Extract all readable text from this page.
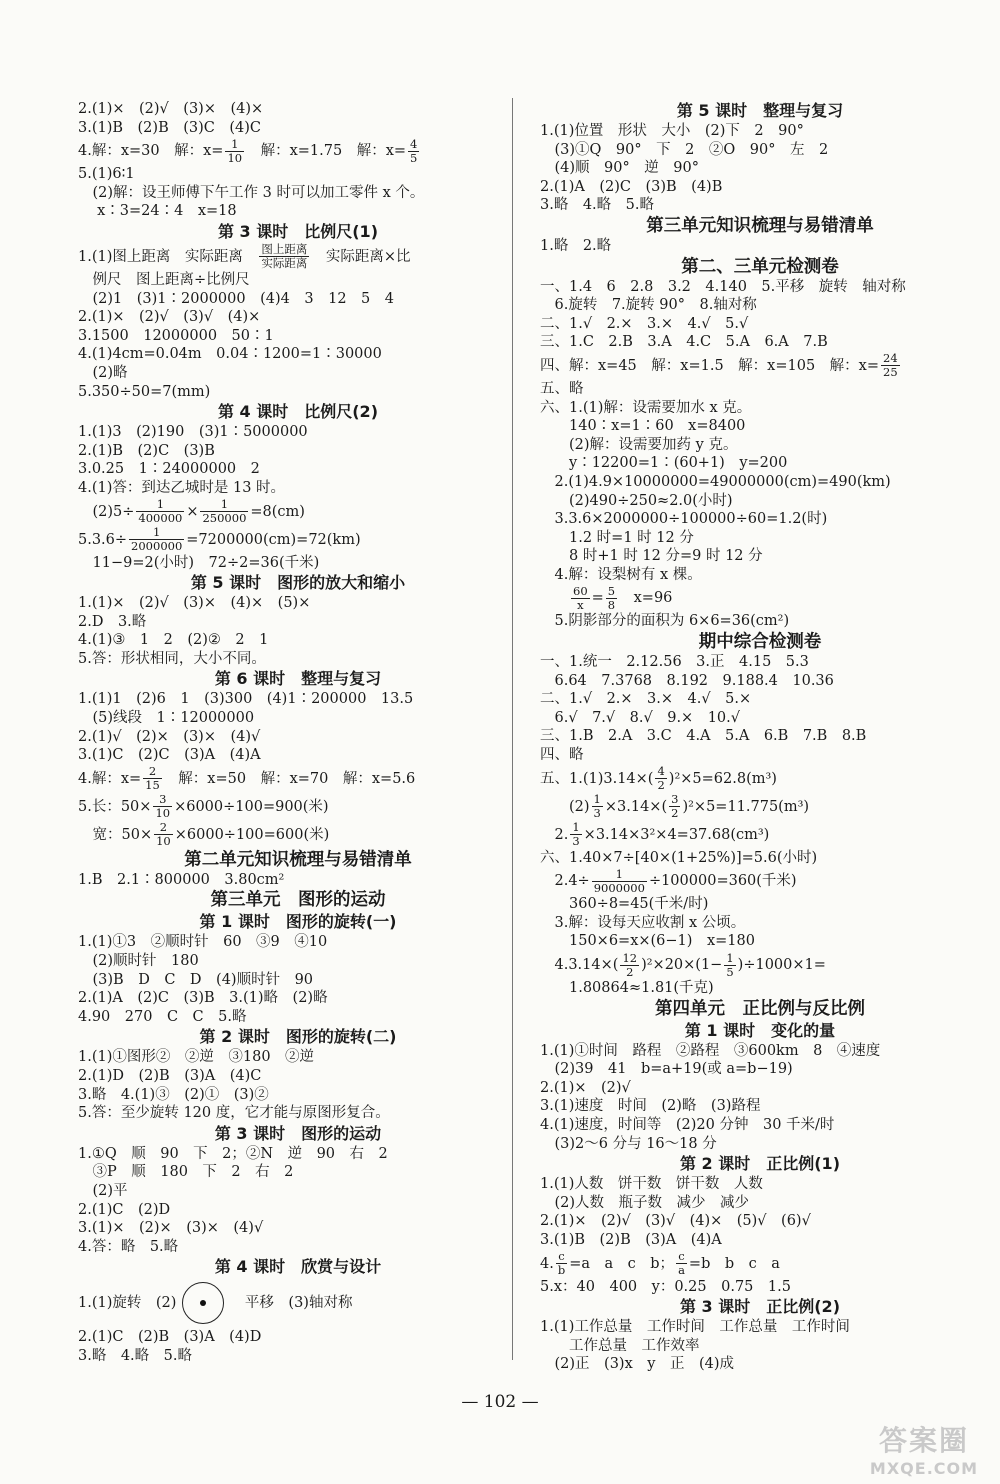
2.(1)×　(2)√　(3)×　(4)×
3.(1)B　(2)B　(3)C　(4)C
4.解：x=30　解：$x= \frac{1}{10}$ 　解：x=1.75　解：$x= \frac{4}{5}$
5.(1)6∶1
　(2)解：设王师傅下午工作 3 时可以加工零件 x 个。
　 x∶3=24∶4　x=18
第 3 课时　比例尺(1)
1.(1)图上距离　实际距离　 图上距离
实际距离 　实际距离×比
　例尺　图上距离÷比例尺
　(2)1　(3)1∶2000000　(4)4　3　12　5　4
2.(1)×　(2)√　(3)√　(4)×
3.1500　12000000　50∶1
4.(1)4cm=0.04m　0.04∶1200=1∶30000
　(2)略
5.350÷50=7(mm)
第 4 课时　比例尺(2)
1.(1)3　(2)190　(3)1∶5000000
2.(1)B　(2)C　(3)B
3.0.25　1∶24000000　2
4.(1)答：到达乙城时是 13 时。
　$(2)5\div \frac{1}{400000} \times \frac{1}{250000} =8(cm)$
$5.3.6\div \frac{1}{2000000} =7200000(cm)=72(km)$
　11−9=2(小时)　72÷2=36(千米)
第 5 课时　图形的放大和缩小
1.(1)×　(2)√　(3)×　(4)×　(5)×
2.D　3.略
4.(1)③　1　2　(2)②　2　1
5.答：形状相同，大小不同。
第 6 课时　整理与复习
1.(1)1　(2)6　1　(3)300　(4)1∶200000　13.5
　(5)线段　1∶12000000
2.(1)√　(2)×　(3)×　(4)√
3.(1)C　(2)C　(3)A　(4)A
4.解：$x= \frac{2}{15}$ 　解：x=50　解：x=70　解：x=5.6
5.长：$50\times \frac{3}{10} \times 6000\div 100=900$(米)
　宽：$50\times \frac{2}{10} \times 6000\div 100=600$(米)
第二单元知识梳理与易错清单
1.B　2.1∶800000　3.80cm²
第三单元　图形的运动
第 1 课时　图形的旋转(一)
1.(1)①3　②顺时针　60　③9　④10
　(2)顺时针　180
　(3)B　D　C　D　(4)顺时针　90
2.(1)A　(2)C　(3)B　3.(1)略　(2)略
4.90　270　C　C　5.略
第 2 课时　图形的旋转(二)
1.(1)①图形②　②逆　③180　②逆
2.(1)D　(2)B　(3)A　(4)C
3.略　4.(1)③　(2)①　(3)②
5.答：至少旋转 120 度，它才能与原图形复合。
第 3 课时　图形的运动
1.①Q　顺　90　下　2；②N　逆　90　右　2
　③P　顺　180　下　2　右　2
　(2)平
2.(1)C　(2)D
3.(1)×　(2)×　(3)×　(4)√
4.答：略　5.略
第 4 课时　欣赏与设计
1.(1)旋转　(2)	　平移　(3)轴对称
2.(1)C　(2)B　(3)A　(4)D
3.略　4.略　5.略
第 5 课时　整理与复习
1.(1)位置　形状　大小　(2)下　2　90°
　(3)①Q　90°　下　2　②O　90°　左　2
　(4)顺　90°　逆　90°
2.(1)A　(2)C　(3)B　(4)B
3.略　4.略　5.略
第三单元知识梳理与易错清单
1.略　2.略
第二、三单元检测卷
一、1.4　6　2.8　3.2　4.140　5.平移　旋转　轴对称
　6.旋转　7.旋转 90°　8.轴对称
二、1.√　2.×　3.×　4.√　5.√
三、1.C　2.B　3.A　4.C　5.A　6.A　7.B
四、解：x=45　解：x=1.5　解：x=105　解：$x= \frac{24}{25}$
五、略
六、1.(1)解：设需要加水 x 克。
　　140∶x=1∶60　x=8400
　　(2)解：设需要加药 y 克。
　　y∶12200=1∶(60+1)　y=200
　2.(1)4.9×10000000=49000000(cm)=490(km)
　　(2)490÷250≈2.0(小时)
　3.3.6×2000000÷100000÷60=1.2(时)
　　1.2 时=1 时 12 分
　　8 时+1 时 12 分=9 时 12 分
　4.解：设梨树有 x 棵。

$\frac{60}{x} = \frac{5}{8}$ 　x=96
　5.阴影部分的面积为 6×6=36(cm²)
期中综合检测卷
一、1.统一　2.12.56　3.正　4.15　5.3
　6.64　7.3768　8.192　9.188.4　10.36
二、1.√　2.×　3.×　4.√　5.×
　6.√　7.√　8.√　9.×　10.√
三、1.B　2.A　3.C　4.A　5.A　6.B　7.B　8.B
四、略
五、$1.(1)3.14\times( \frac{4}{2} )^2\times 5=62.8(m^3)$
　　$(2) \frac{1}{3} \times 3.14\times( \frac{3}{2} )^2\times 5=11.775(m^3)$
　2. $\frac{1}{3} \times 3.14\times 3^2\times 4=37.68(cm^3)$
六、1.40×7÷[40×(1+25%)]=5.6(小时)
　$2.4\div \frac{1}{9000000} \div 100000=360$(千米)
　　360÷8=45(千米/时)
　3.解：设每天应收割 x 公顷。
　　150×6=x×(6−1)　x=180
　$4.3.14\times( \frac{12}{2} )^2\times 20\times(1- \frac{1}{5} )\div 1000\times 1=$
　　1.80864≈1.81(千克)
第四单元　正比例与反比例
第 1 课时　变化的量
1.(1)①时间　路程　②路程　③600km　8　④速度
　(2)39　41　b=a+19(或 a=b−19)
2.(1)×　(2)√
3.(1)速度　时间　(2)略　(3)路程
4.(1)速度，时间等　(2)20 分钟　30 千米/时
　(3)2～6 分与 16～18 分
第 2 课时　正比例(1)
1.(1)人数　饼干数　饼干数　人数
　(2)人数　瓶子数　减少　减少
2.(1)×　(2)√　(3)√　(4)×　(5)√　(6)√
3.(1)B　(2)B　(3)A　(4)A
4. $\frac{c}{b} =a$　a　c　b； $\frac{c}{a} =b$　b　c　a
5.x：40　400　y：0.25　0.75　1.5
第 3 课时　正比例(2)
1.(1)工作总量　工作时间　工作总量　工作时间
　　工作总量　工作效率
　(2)正　(3)x　y　正　(4)成
— 102 —
答案圈
MXQE.COM
